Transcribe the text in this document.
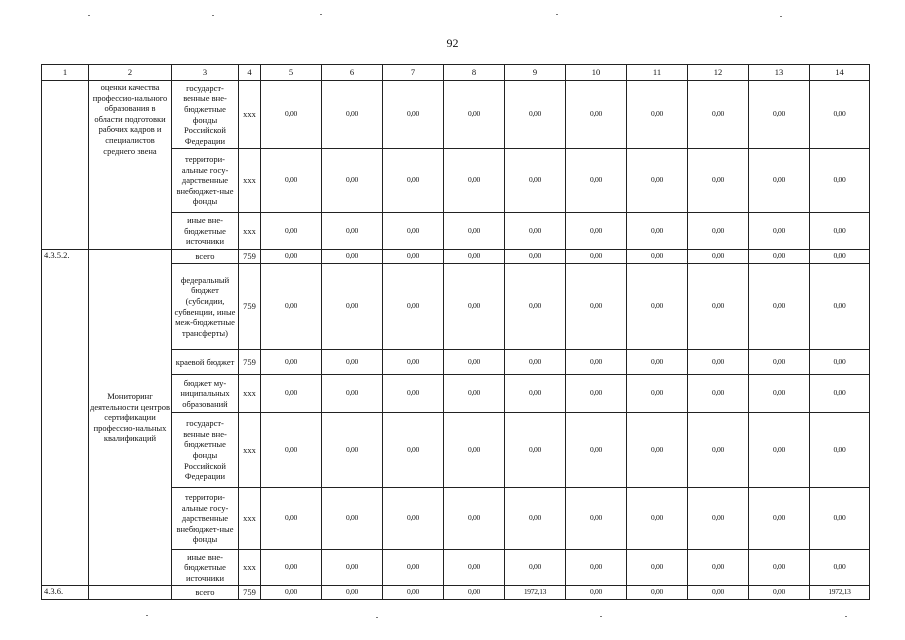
92
1	2	3	4	5	6	7	8	9	10	11	12	13	14
	оценки качества профессио-нального образования в области подготовки рабочих кадров и специалистов среднего звена	государст-венные вне-бюджетные фонды Российской Федерации	ххх	0,00	0,00	0,00	0,00	0,00	0,00	0,00	0,00	0,00	0,00
		территори-альные госу-дарственные внебюджет-ные фонды	ххх	0,00	0,00	0,00	0,00	0,00	0,00	0,00	0,00	0,00	0,00
		иные вне-бюджетные источники	ххх	0,00	0,00	0,00	0,00	0,00	0,00	0,00	0,00	0,00	0,00
4.3.5.2.	Мониторинг деятельности центров сертификации профессио-нальных квалификаций	всего	759	0,00	0,00	0,00	0,00	0,00	0,00	0,00	0,00	0,00	0,00
		федеральный бюджет (субсидии, субвенции, иные меж-бюджетные трансферты)	759	0,00	0,00	0,00	0,00	0,00	0,00	0,00	0,00	0,00	0,00
		краевой бюджет	759	0,00	0,00	0,00	0,00	0,00	0,00	0,00	0,00	0,00	0,00
		бюджет му-ниципальных образований	ххх	0,00	0,00	0,00	0,00	0,00	0,00	0,00	0,00	0,00	0,00
		государст-венные вне-бюджетные фонды Российской Федерации	ххх	0,00	0,00	0,00	0,00	0,00	0,00	0,00	0,00	0,00	0,00
		территори-альные госу-дарственные внебюджет-ные фонды	ххх	0,00	0,00	0,00	0,00	0,00	0,00	0,00	0,00	0,00	0,00
		иные вне-бюджетные источники	ххх	0,00	0,00	0,00	0,00	0,00	0,00	0,00	0,00	0,00	0,00
4.3.6.		всего	759	0,00	0,00	0,00	0,00	1972,13	0,00	0,00	0,00	0,00	1972,13
